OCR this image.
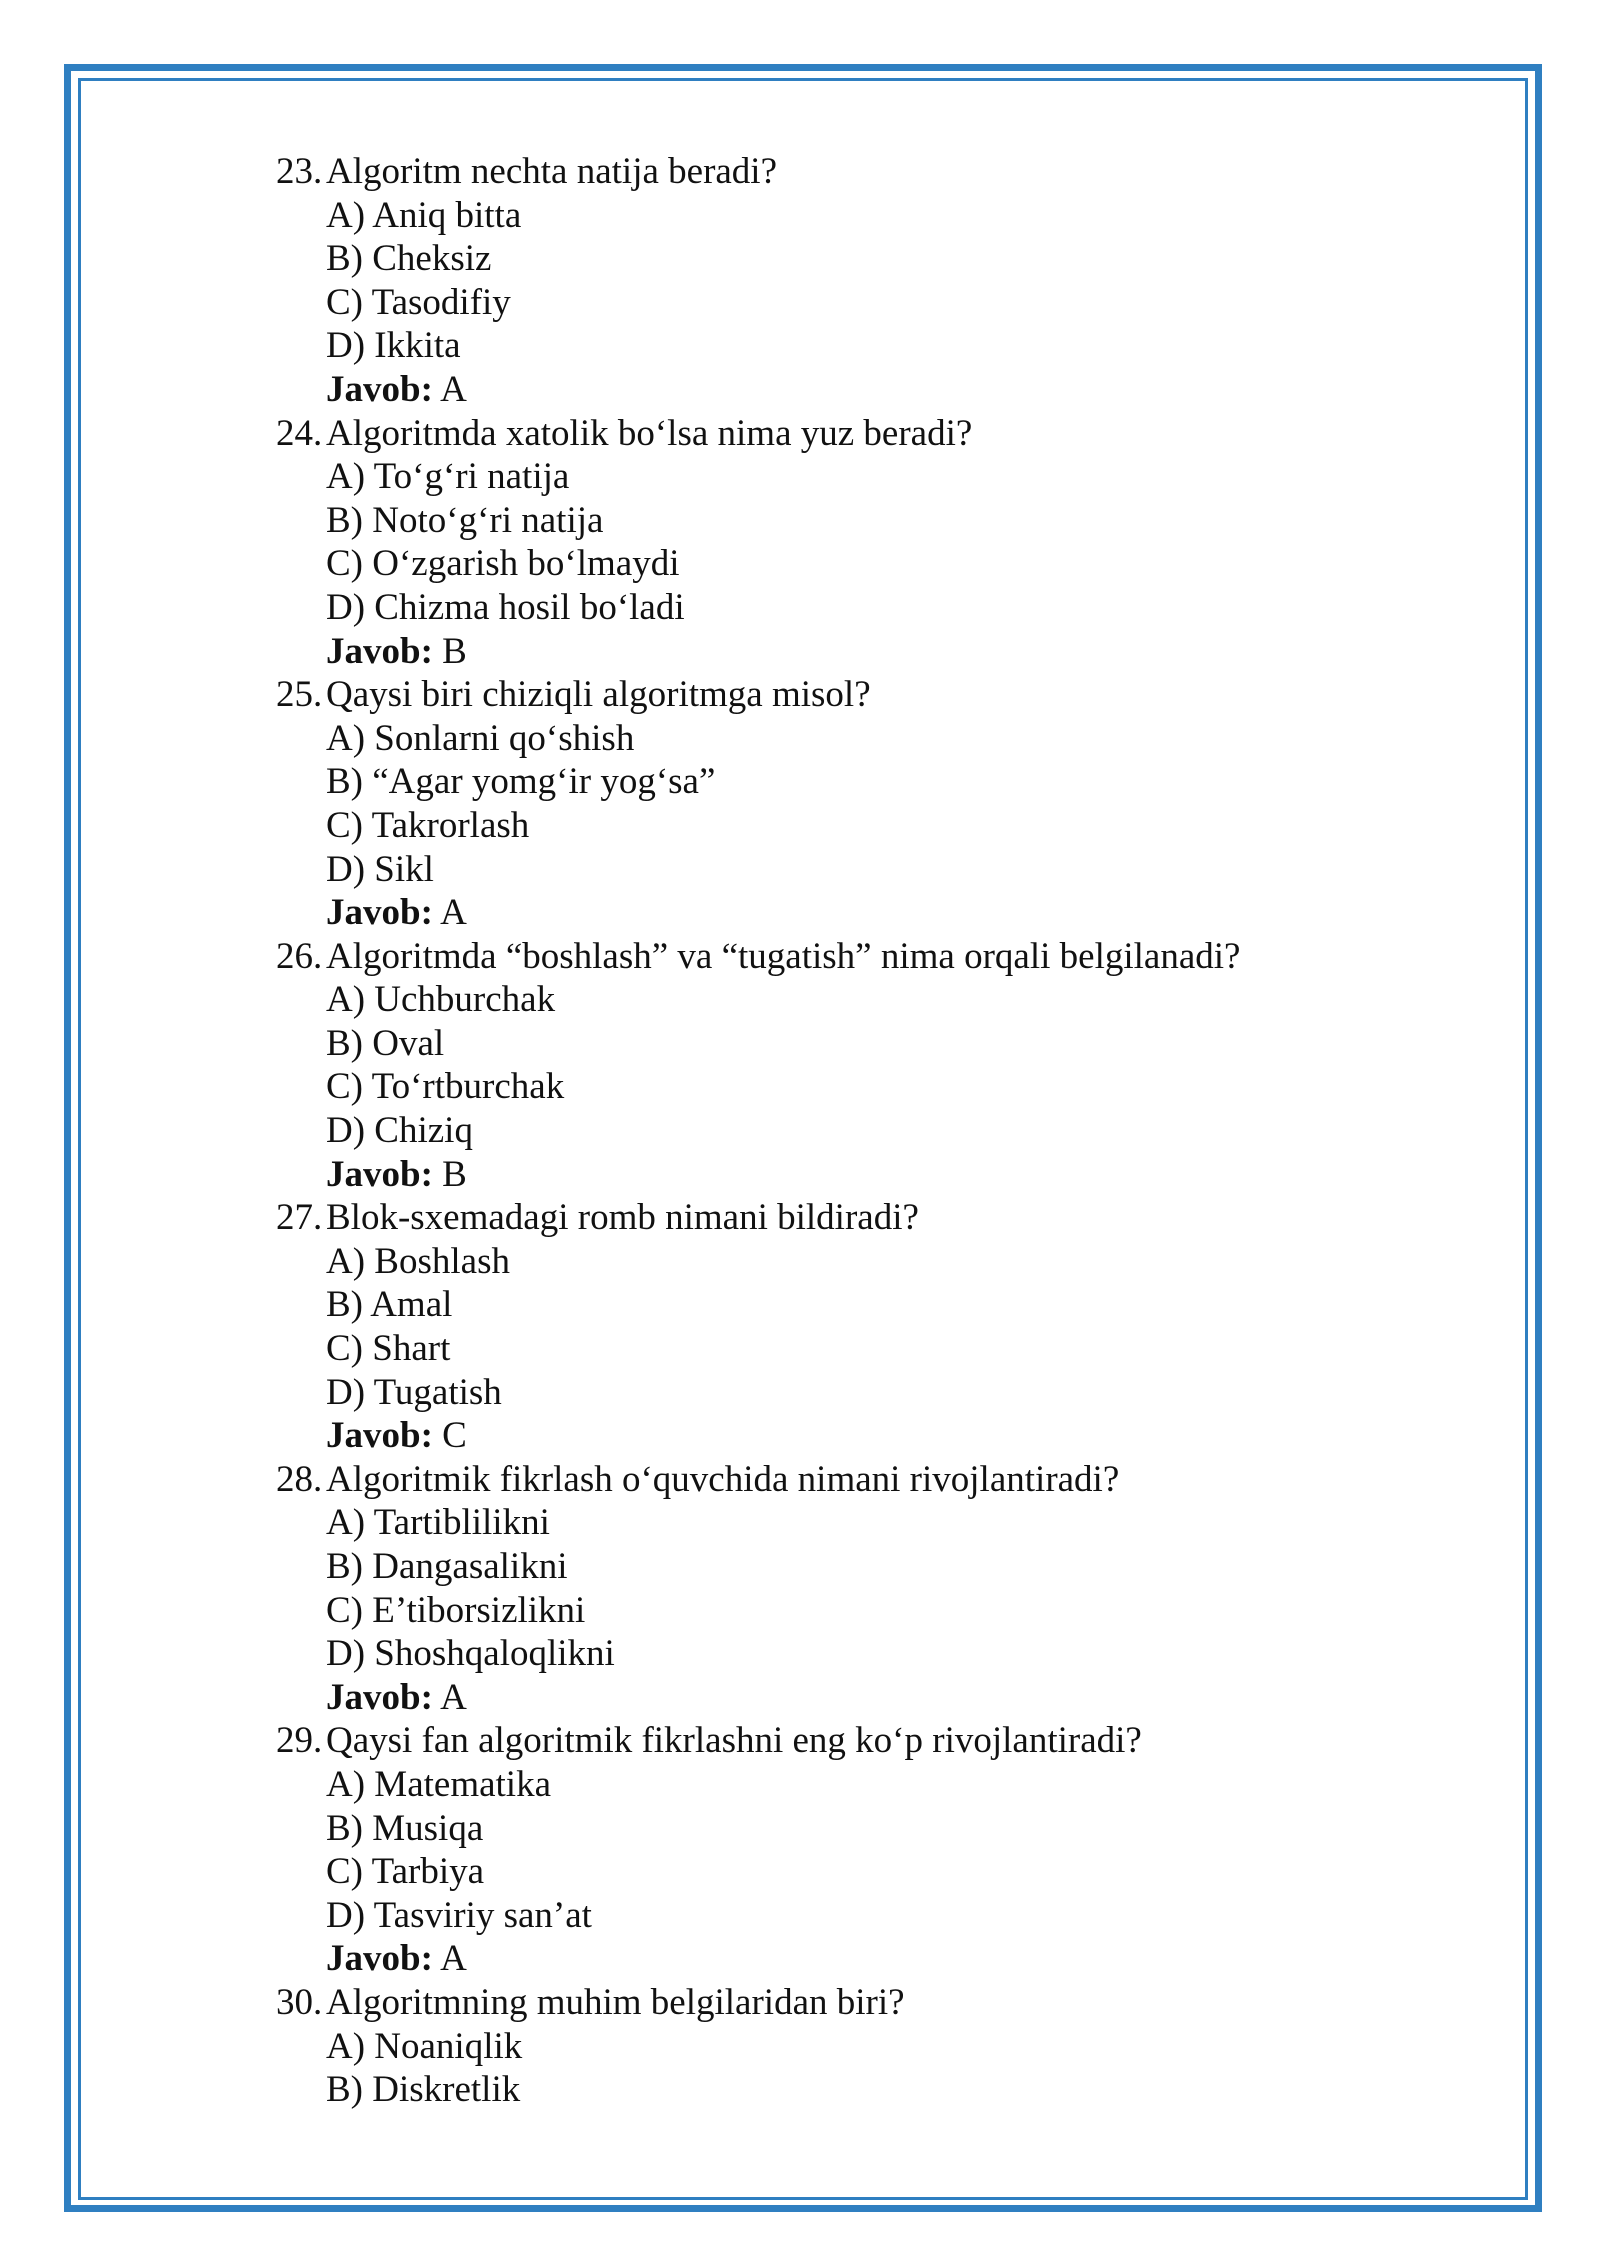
23. Algoritm nechta natija beradi?
A) Aniq bitta
B) Cheksiz
C) Tasodifiy
D) Ikkita
Javob: A
24. Algoritmda xatolik bo‘lsa nima yuz beradi?
A) To‘g‘ri natija
B) Noto‘g‘ri natija
C) O‘zgarish bo‘lmaydi
D) Chizma hosil bo‘ladi
Javob: B
25. Qaysi biri chiziqli algoritmga misol?
A) Sonlarni qo‘shish
B) “Agar yomg‘ir yog‘sa”
C) Takrorlash
D) Sikl
Javob: A
26. Algoritmda “boshlash” va “tugatish” nima orqali belgilanadi?
A) Uchburchak
B) Oval
C) To‘rtburchak
D) Chiziq
Javob: B
27. Blok-sxemadagi romb nimani bildiradi?
A) Boshlash
B) Amal
C) Shart
D) Tugatish
Javob: C
28. Algoritmik fikrlash o‘quvchida nimani rivojlantiradi?
A) Tartiblilikni
B) Dangasalikni
C) E’tiborsizlikni
D) Shoshqaloqlikni
Javob: A
29. Qaysi fan algoritmik fikrlashni eng ko‘p rivojlantiradi?
A) Matematika
B) Musiqa
C) Tarbiya
D) Tasviriy san’at
Javob: A
30. Algoritmning muhim belgilaridan biri?
A) Noaniqlik
B) Diskretlik
